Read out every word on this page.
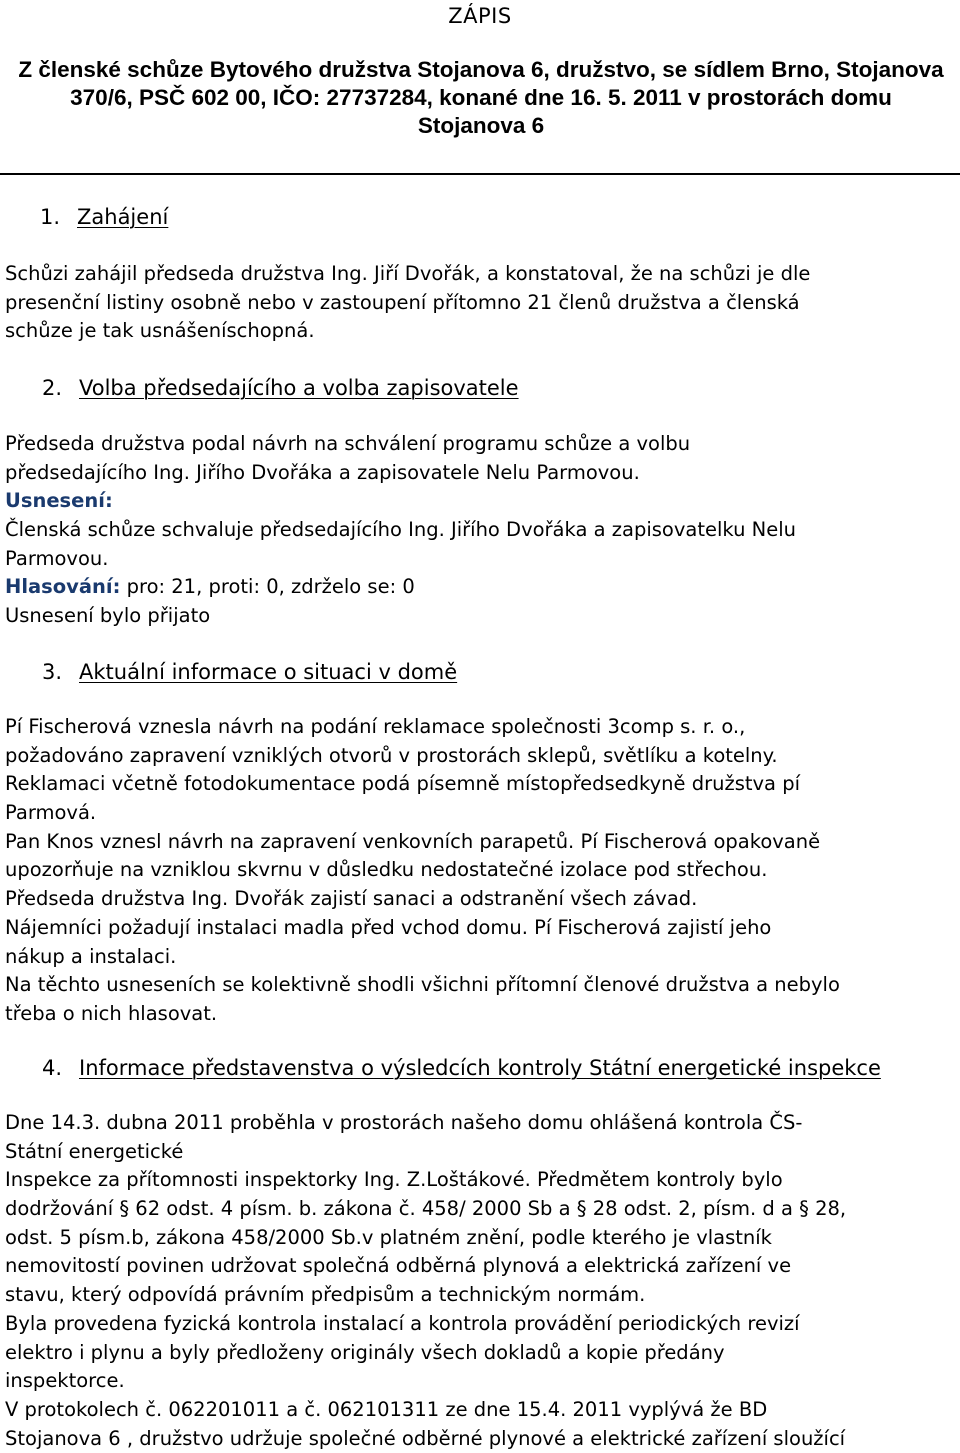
ZÁPIS
Z členské schůze Bytového družstva Stojanova 6, družstvo, se sídlem Brno, Stojanova
370/6, PSČ 602 00, IČO: 27737284, konané dne 16. 5. 2011 v prostorách domu
Stojanova 6
1. Zahájení
Schůzi zahájil předseda družstva Ing. Jiří Dvořák, a konstatoval, že na schůzi je dle
presenční listiny osobně nebo v zastoupení přítomno 21 členů družstva a členská
schůze je tak usnášeníschopná.
2. Volba předsedajícího a volba zapisovatele
Předseda družstva podal návrh na schválení programu schůze a volbu
předsedajícího Ing. Jiřího Dvořáka a zapisovatele Nelu Parmovou.
Usnesení:
Členská schůze schvaluje předsedajícího Ing. Jiřího Dvořáka a zapisovatelku Nelu
Parmovou.
Hlasování: pro: 21, proti: 0, zdrželo se: 0
Usnesení bylo přijato
3. Aktuální informace o situaci v domě
Pí Fischerová vznesla návrh na podání reklamace společnosti 3comp s. r. o.,
požadováno zapravení vzniklých otvorů v prostorách sklepů, světlíku a kotelny.
Reklamaci včetně fotodokumentace podá písemně místopředsedkyně družstva pí
Parmová.
Pan Knos vznesl návrh na zapravení venkovních parapetů. Pí Fischerová opakovaně
upozorňuje na vzniklou skvrnu v důsledku nedostatečné izolace pod střechou.
Předseda družstva Ing. Dvořák zajistí sanaci a odstranění všech závad.
Nájemníci požadují instalaci madla před vchod domu. Pí Fischerová zajistí jeho
nákup a instalaci.
Na těchto usneseních se kolektivně shodli všichni přítomní členové družstva a nebylo
třeba o nich hlasovat.
4. Informace představenstva o výsledcích kontroly Státní energetické inspekce
Dne 14.3. dubna 2011 proběhla v prostorách našeho domu ohlášená kontrola ČS-
Státní energetické
Inspekce za přítomnosti inspektorky Ing. Z.Loštákové. Předmětem kontroly bylo
dodržování § 62 odst. 4 písm. b. zákona č. 458/ 2000 Sb a § 28 odst. 2, písm. d a § 28,
odst. 5 písm.b, zákona 458/2000 Sb.v platném znění, podle kterého je vlastník
nemovitostí povinen udržovat společná odběrná plynová a elektrická zařízení ve
stavu, který odpovídá právním předpisům a technickým normám.
Byla provedena fyzická kontrola instalací a kontrola provádění periodických revizí
elektro i plynu a byly předloženy originály všech dokladů a kopie předány
inspektorce.
V protokolech č. 062201011 a č. 062101311 ze dne 15.4. 2011 vyplývá že BD
Stojanova 6 , družstvo udržuje společné odběrné plynové a elektrické zařízení sloužící
